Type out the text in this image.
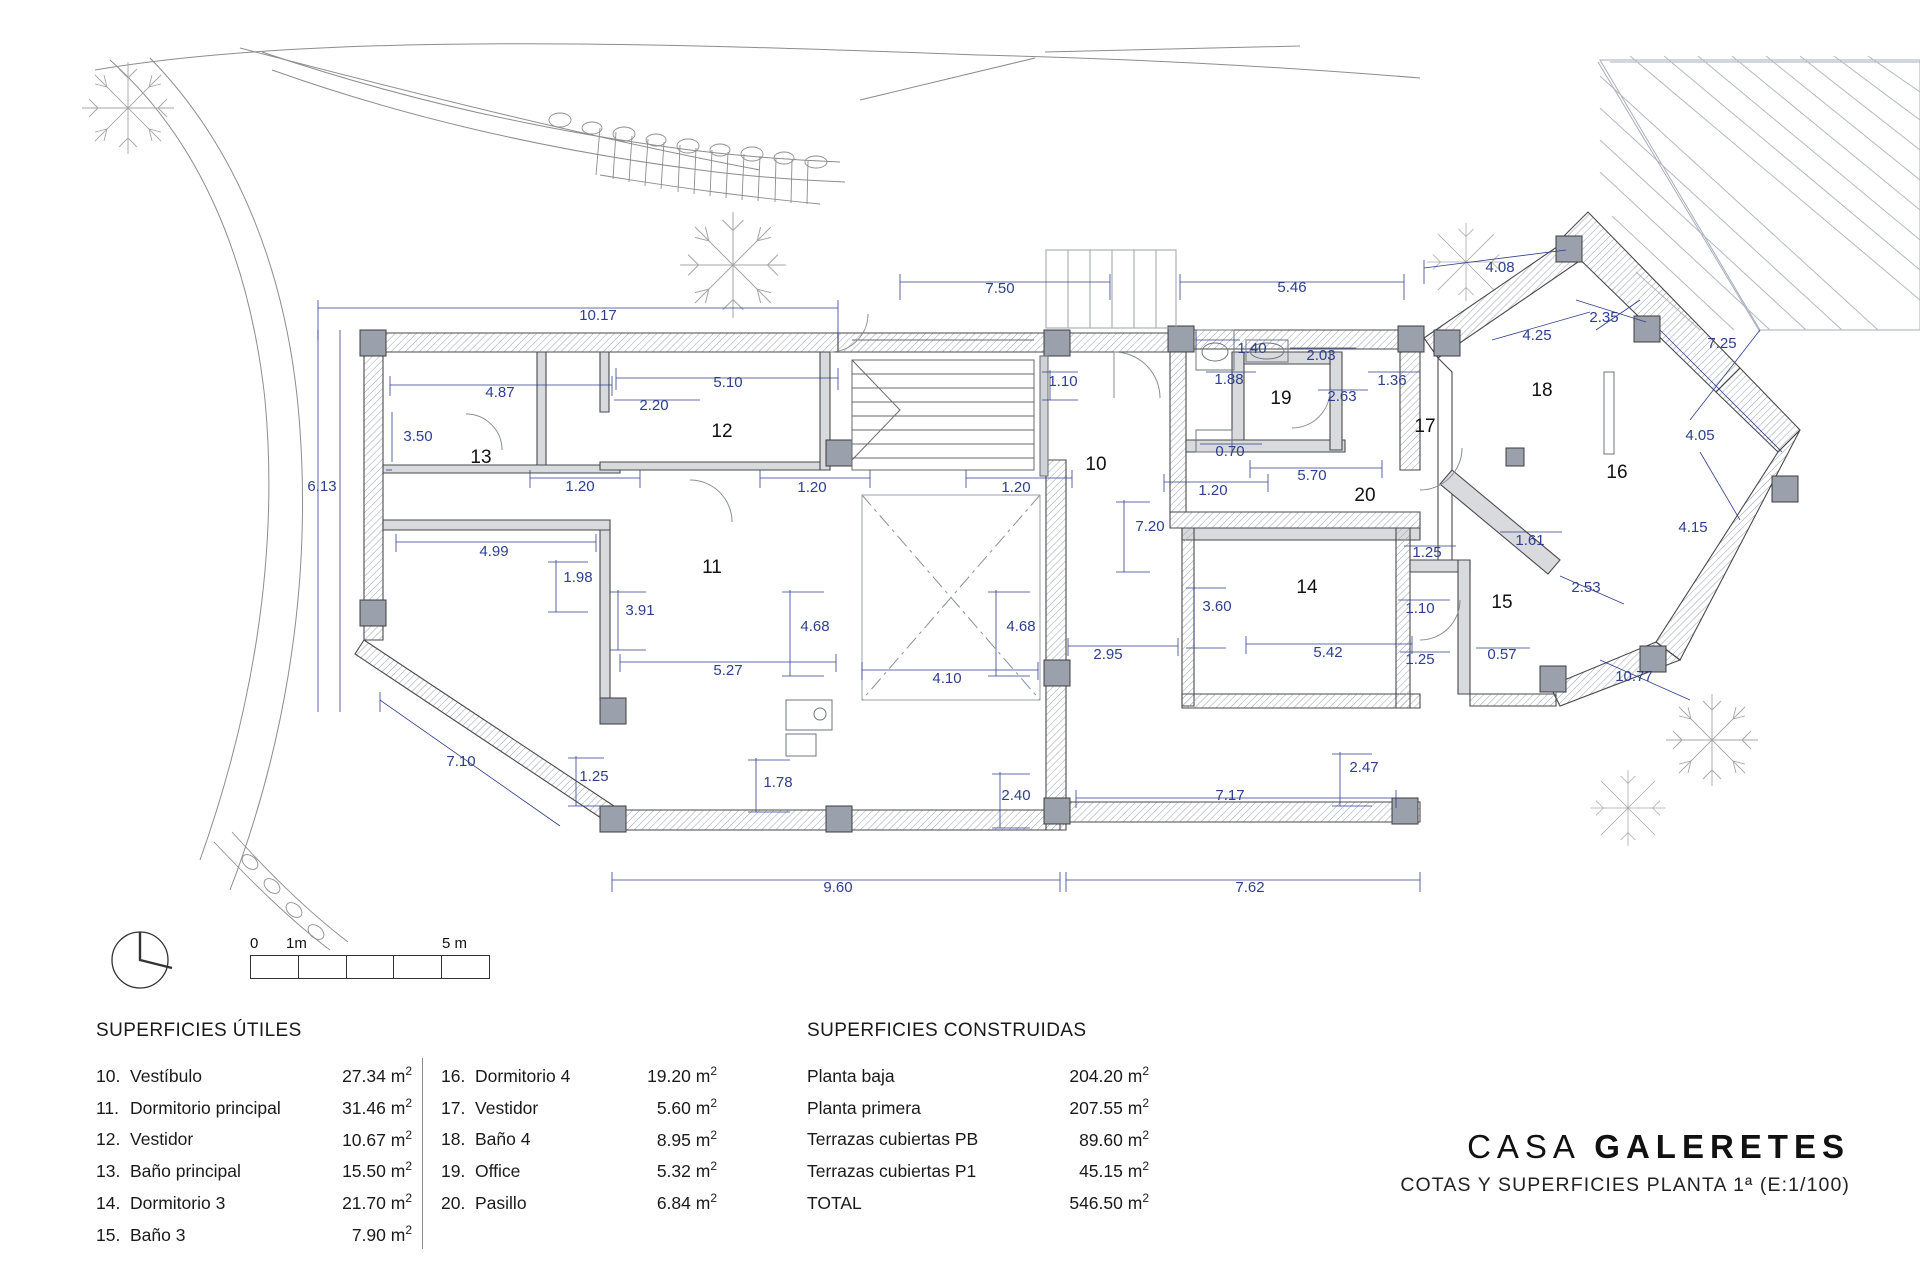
10.17
7.50	5.46
4.08
2.35
4.25	7.25
4.87
5.10
2.20
3.50
1.10
1.40	2.03
1.36
1.88
2.63
4.05
6.13
0.70
5.70
1.20	1.20	1.20	1.20
4.15
4.99
1.98
7.20
1.25
1.61
2.53
3.91
4.68	4.68
3.60	1.10
5.27	4.10
2.95	5.42	1.25	0.57
10.77
7.10
1.25	1.78
2.40
2.47
7.17
9.60	7.62
10
11
12
13
14
15
16
17
18
19
20
0 1m	5 m
SUPERFICIES ÚTILES
10. Vestíbulo	27.34 $m^2$
11. Dormitorio principal	31.46 $m^2$
12. Vestidor	10.67 $m^2$
13. Baño principal	15.50 $m^2$
14. Dormitorio 3	21.70 $m^2$
15. Baño 3	7.90 $m^2$
16. Dormitorio 4	19.20 $m^2$
17. Vestidor	5.60 $m^2$
18. Baño 4	8.95 $m^2$
19. Office	5.32 $m^2$
20. Pasillo	6.84 $m^2$
SUPERFICIES CONSTRUIDAS
Planta baja	204.20 $m^2$
Planta primera	207.55 $m^2$
Terrazas cubiertas PB	89.60 $m^2$
Terrazas cubiertas P1	45.15 $m^2$
TOTAL	546.50 $m^2$
CASA GALERETES
COTAS Y SUPERFICIES PLANTA 1ª (E:1/100)
